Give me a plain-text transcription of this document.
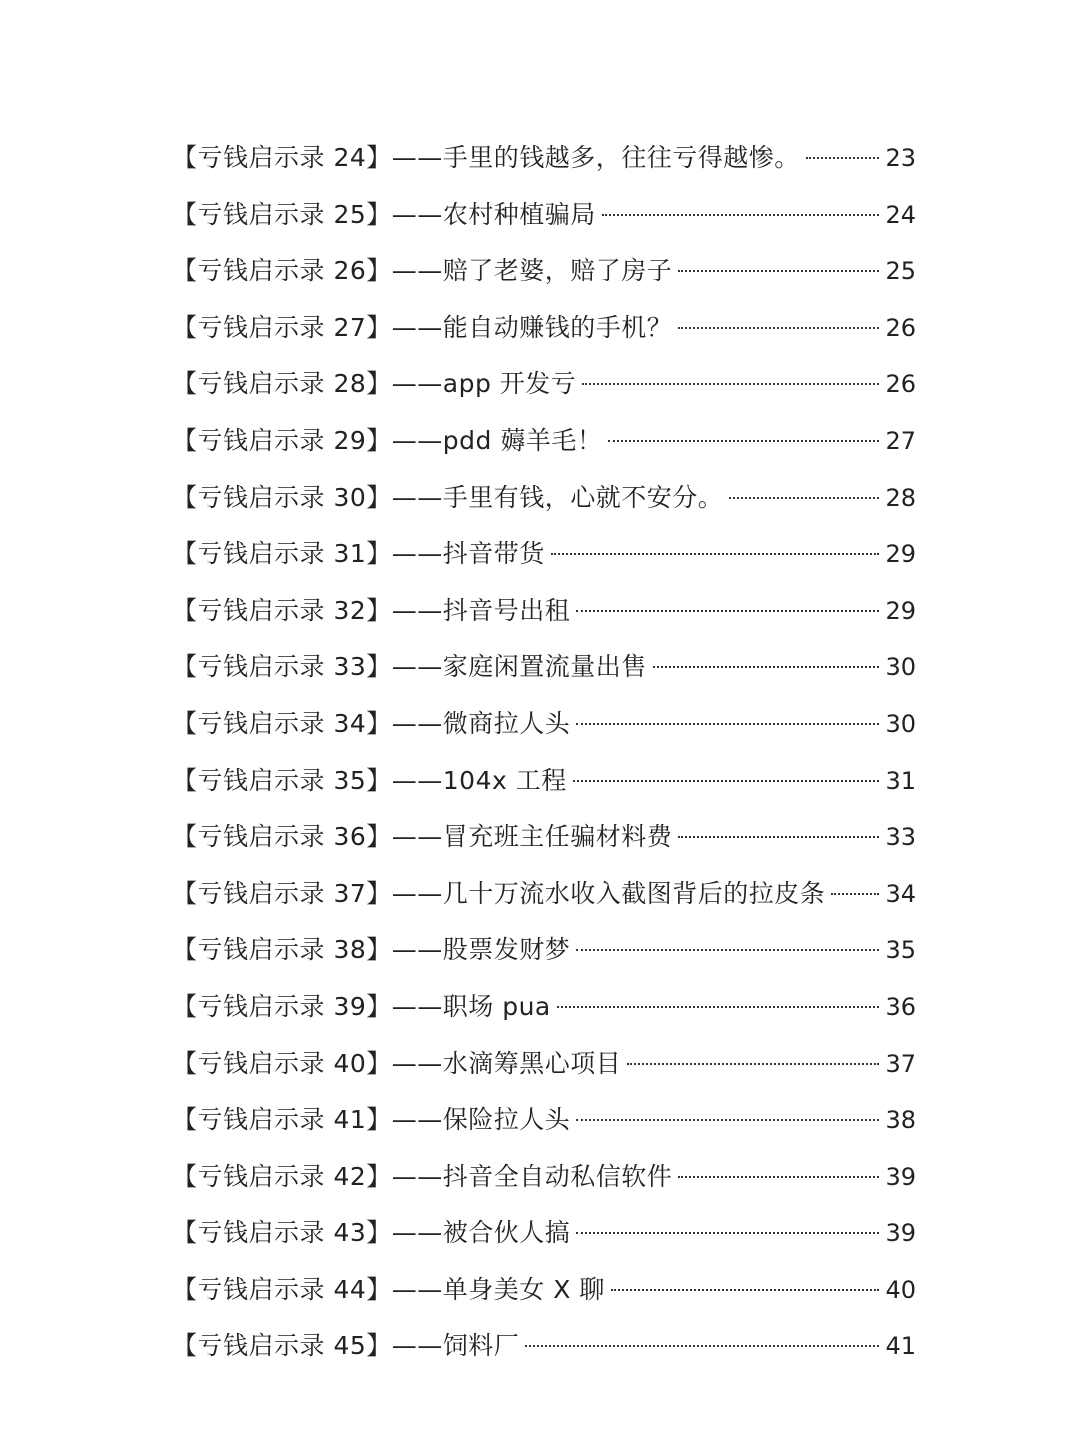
【亏钱启示录 24】 ——手里的钱越多，往往亏得越惨。	23
【亏钱启示录 25】 ——农村种植骗局	24
【亏钱启示录 26】 ——赔了老婆，赔了房子	25
【亏钱启示录 27】 ——能自动赚钱的手机？	26
【亏钱启示录 28】 ——app 开发亏	26
【亏钱启示录 29】 ——pdd 薅羊毛！	27
【亏钱启示录 30】 ——手里有钱，心就不安分。	28
【亏钱启示录 31】 ——抖音带货	29
【亏钱启示录 32】 ——抖音号出租	29
【亏钱启示录 33】 ——家庭闲置流量出售	30
【亏钱启示录 34】 ——微商拉人头	30
【亏钱启示录 35】 ——104x 工程	31
【亏钱启示录 36】 ——冒充班主任骗材料费	33
【亏钱启示录 37】 ——几十万流水收入截图背后的拉皮条	34
【亏钱启示录 38】 ——股票发财梦	35
【亏钱启示录 39】 ——职场 pua	36
【亏钱启示录 40】 ——水滴筹黑心项目	37
【亏钱启示录 41】 ——保险拉人头	38
【亏钱启示录 42】 ——抖音全自动私信软件	39
【亏钱启示录 43】 ——被合伙人搞	39
【亏钱启示录 44】 ——单身美女 X 聊	40
【亏钱启示录 45】 ——饲料厂	41
